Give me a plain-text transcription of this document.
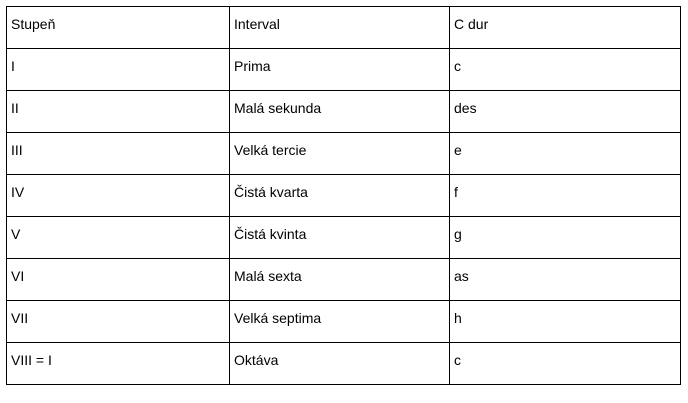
Stupeň	Interval	C dur

I	Prima	c

II	Malá sekunda	des

III	Velká tercie	e

IV	Čistá kvarta	f

V	Čistá kvinta	g

VI	Malá sexta	as

VII	Velká septima	h

VIII = I	Oktáva	c
